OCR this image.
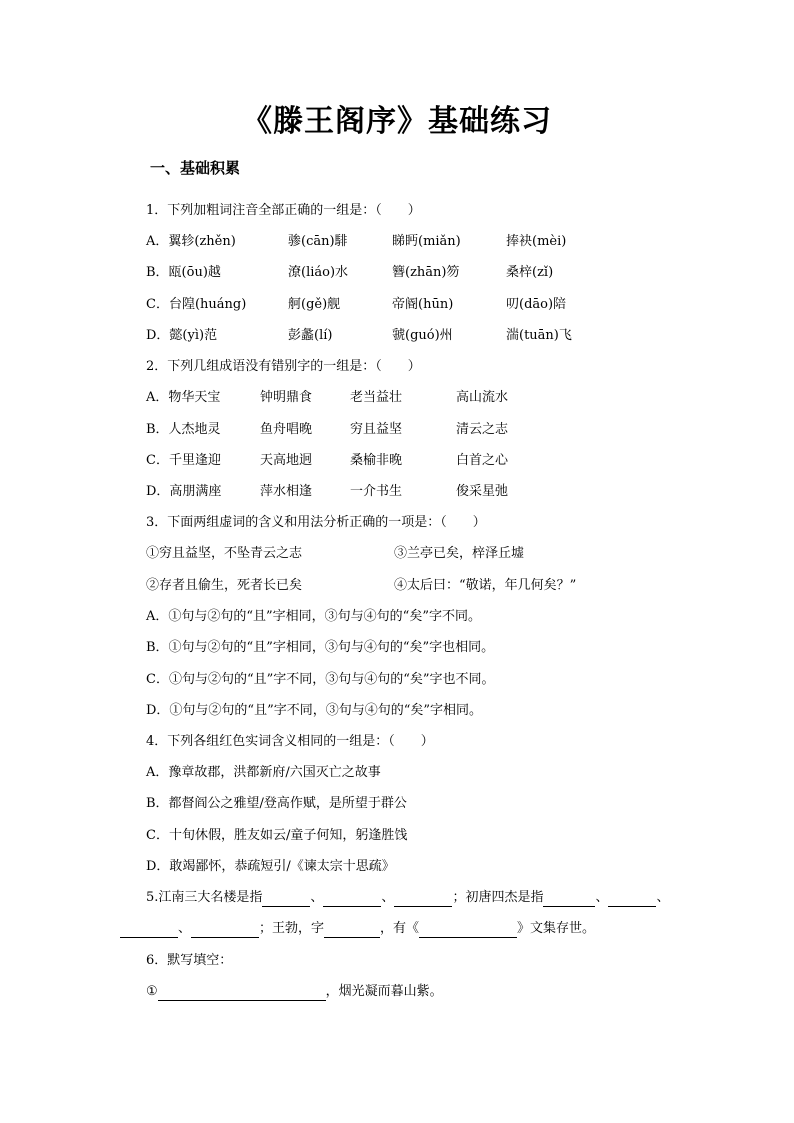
《滕王阁序》基础练习
一、基础积累
1．下列加粗词注音全部正确的一组是：（　　）
A．翼轸(zhěn)	骖(cān)騑	睇眄(miǎn)	捧袂(mèi)
B．瓯(ōu)越	潦(liáo)水	簪(zhān)笏	桑梓(zǐ)
C．台隍(huáng)	舸(gě)舰	帝阍(hūn)	叨(dāo)陪
D．懿(yì)范	彭蠡(lí)	虢(guó)州	湍(tuān)飞
2．下列几组成语没有错别字的一组是：（　　）
A．物华天宝	钟明鼎食	老当益壮	高山流水
B．人杰地灵	鱼舟唱晚	穷且益坚	清云之志
C．千里逢迎	天高地迥	桑榆非晚	白首之心
D．高朋满座	萍水相逢	一介书生	俊采星弛
3．下面两组虚词的含义和用法分析正确的一项是：（　　）
①穷且益坚，不坠青云之志	③兰亭已矣，梓泽丘墟
②存者且偷生，死者长已矣	④太后曰：“敬诺，年几何矣？”
A．①句与②句的“且”字相同，③句与④句的“矣”字不同。
B．①句与②句的“且”字相同，③句与④句的“矣”字也相同。
C．①句与②句的“且”字不同，③句与④句的“矣”字也不同。
D．①句与②句的“且”字不同，③句与④句的“矣”字相同。
4．下列各组红色实词含义相同的一组是：（　　）
A．豫章故郡，洪都新府/六国灭亡之故事
B．都督阎公之雅望/登高作赋，是所望于群公
C．十旬休假，胜友如云/童子何知，躬逢胜饯
D．敢竭鄙怀，恭疏短引/《谏太宗十思疏》
5.江南三大名楼是指	、	、	；初唐四杰是指	、	、
、	；王勃，字	，有《	》文集存世。
6．默写填空：
①	，烟光凝而暮山紫。
